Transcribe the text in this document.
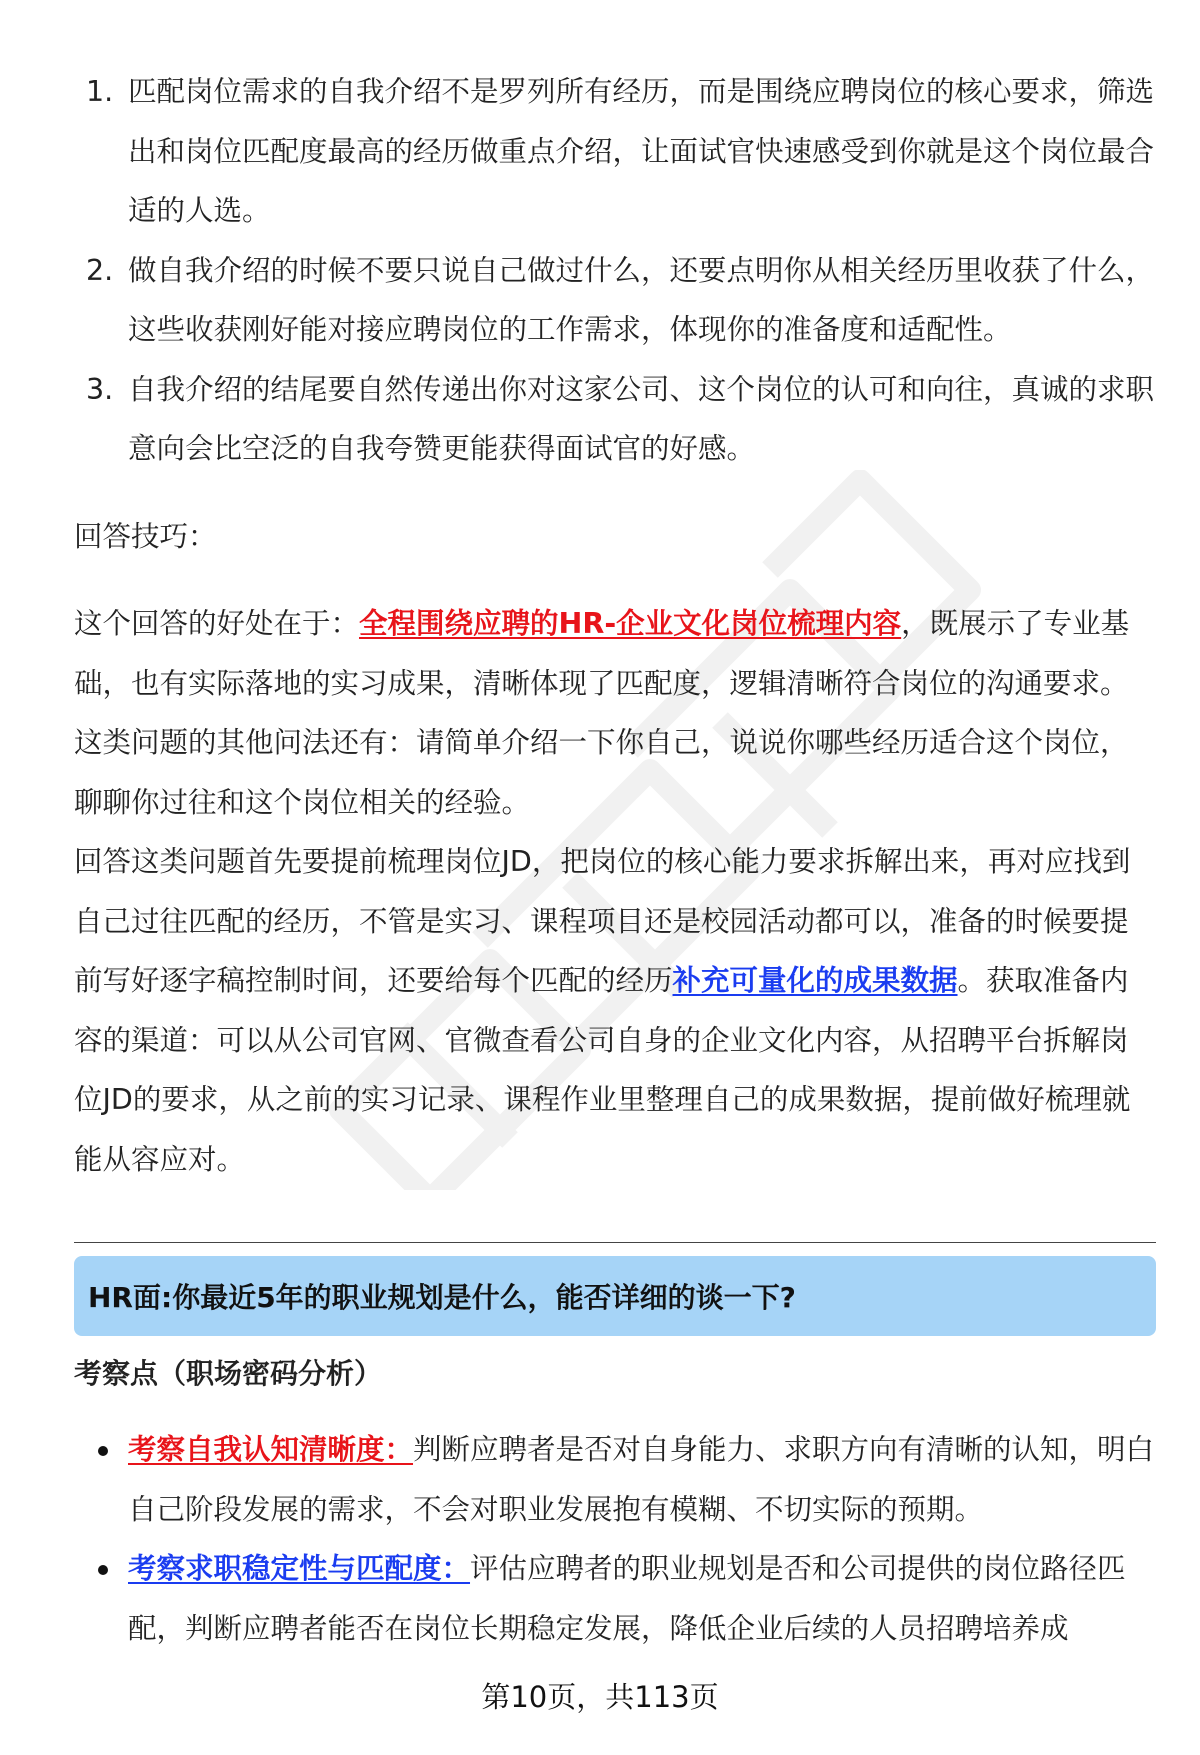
1. 匹配岗位需求的自我介绍不是罗列所有经历，而是围绕应聘岗位的核心要求，筛选出和岗位匹配度最高的经历做重点介绍，让面试官快速感受到你就是这个岗位最合适的人选。
2. 做自我介绍的时候不要只说自己做过什么，还要点明你从相关经历里收获了什么，这些收获刚好能对接应聘岗位的工作需求，体现你的准备度和适配性。
3. 自我介绍的结尾要自然传递出你对这家公司、这个岗位的认可和向往，真诚的求职意向会比空泛的自我夸赞更能获得面试官的好感。

回答技巧：

这个回答的好处在于：全程围绕应聘的HR-企业文化岗位梳理内容，既展示了专业基础，也有实际落地的实习成果，清晰体现了匹配度，逻辑清晰符合岗位的沟通要求。这类问题的其他问法还有：请简单介绍一下你自己，说说你哪些经历适合这个岗位，聊聊你过往和这个岗位相关的经验。

回答这类问题首先要提前梳理岗位JD，把岗位的核心能力要求拆解出来，再对应找到自己过往匹配的经历，不管是实习、课程项目还是校园活动都可以，准备的时候要提前写好逐字稿控制时间，还要给每个匹配的经历补充可量化的成果数据。获取准备内容的渠道：可以从公司官网、官微查看公司自身的企业文化内容，从招聘平台拆解岗位JD的要求，从之前的实习记录、课程作业里整理自己的成果数据，提前做好梳理就能从容应对。

HR面:你最近5年的职业规划是什么，能否详细的谈一下?
考察点（职场密码分析）
考察自我认知清晰度：判断应聘者是否对自身能力、求职方向有清晰的认知，明白自己阶段发展的需求，不会对职业发展抱有模糊、不切实际的预期。
考察求职稳定性与匹配度：评估应聘者的职业规划是否和公司提供的岗位路径匹配，判断应聘者能否在岗位长期稳定发展，降低企业后续的人员招聘培养成
第10页，共113页
